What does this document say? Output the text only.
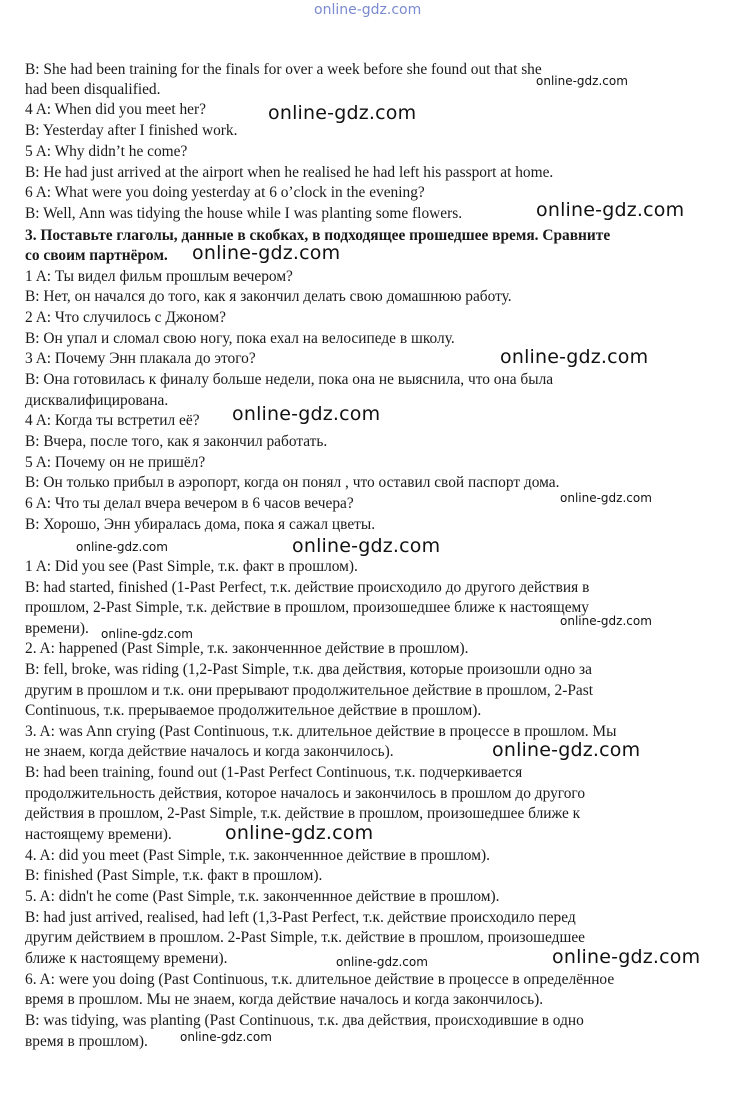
online-gdz.com
B: She had been training for the finals for over a week before she found out that she
had been disqualified.
4 A: When did you meet her?
B: Yesterday after I finished work.
5 A: Why didn’t he come?
B: He had just arrived at the airport when he realised he had left his passport at home.
6 A: What were you doing yesterday at 6 o’clock in the evening?
B: Well, Ann was tidying the house while I was planting some flowers.
3. Поставьте глаголы, данные в скобках, в подходящее прошедшее время. Сравните
со своим партнёром.
1 A: Ты видел фильм прошлым вечером?
B: Нет, он начался до того, как я закончил делать свою домашнюю работу.
2 A: Что случилось с Джоном?
B: Он упал и сломал свою ногу, пока ехал на велосипеде в школу.
3 A: Почему Энн плакала до этого?
B: Она готовилась к финалу больше недели, пока она не выяснила, что она была
дисквалифицирована.
4 A: Когда ты встретил её?
B: Вчера, после того, как я закончил работать.
5 A: Почему он не пришёл?
B: Он только прибыл в аэропорт, когда он понял , что оставил свой паспорт дома.
6 A: Что ты делал вчера вечером в 6 часов вечера?
B: Хорошо, Энн убиралась дома, пока я сажал цветы.
1 A: Did you see (Past Simple, т.к. факт в прошлом).
B: had started, finished (1-Past Perfect, т.к. действие происходило до другого действия в
прошлом, 2-Past Simple, т.к. действие в прошлом, произошедшее ближе к настоящему
времени).
2. A: happened (Past Simple, т.к. законченнное действие в прошлом).
B: fell, broke, was riding (1,2-Past Simple, т.к. два действия, которые произошли одно за
другим в прошлом и т.к. они прерывают продолжительное действие в прошлом, 2-Past
Continuous, т.к. прерываемое продолжительное действие в прошлом).
3. A: was Ann crying (Past Continuous, т.к. длительное действие в процессе в прошлом. Мы
не знаем, когда действие началось и когда закончилось).
B: had been training, found out (1-Past Perfect Continuous, т.к. подчеркивается
продолжительность действия, которое началось и закончилось в прошлом до другого
действия в прошлом, 2-Past Simple, т.к. действие в прошлом, произошедшее ближе к
настоящему времени).
4. A: did you meet (Past Simple, т.к. законченнное действие в прошлом).
B: finished (Past Simple, т.к. факт в прошлом).
5. A: didn't he come (Past Simple, т.к. законченнное действие в прошлом).
B: had just arrived, realised, had left (1,3-Past Perfect, т.к. действие происходило перед
другим действием в прошлом. 2-Past Simple, т.к. действие в прошлом, произошедшее
ближе к настоящему времени).
6. A: were you doing (Past Continuous, т.к. длительное действие в процессе в определённое
время в прошлом. Мы не знаем, когда действие началось и когда закончилось).
B: was tidying, was planting (Past Continuous, т.к. два действия, происходившие в одно
время в прошлом).
online-gdz.com
online-gdz.com
online-gdz.com
online-gdz.com
online-gdz.com
online-gdz.com
online-gdz.com
online-gdz.com	online-gdz.com
online-gdz.com
online-gdz.com
online-gdz.com
online-gdz.com
online-gdz.com	online-gdz.com
online-gdz.com
